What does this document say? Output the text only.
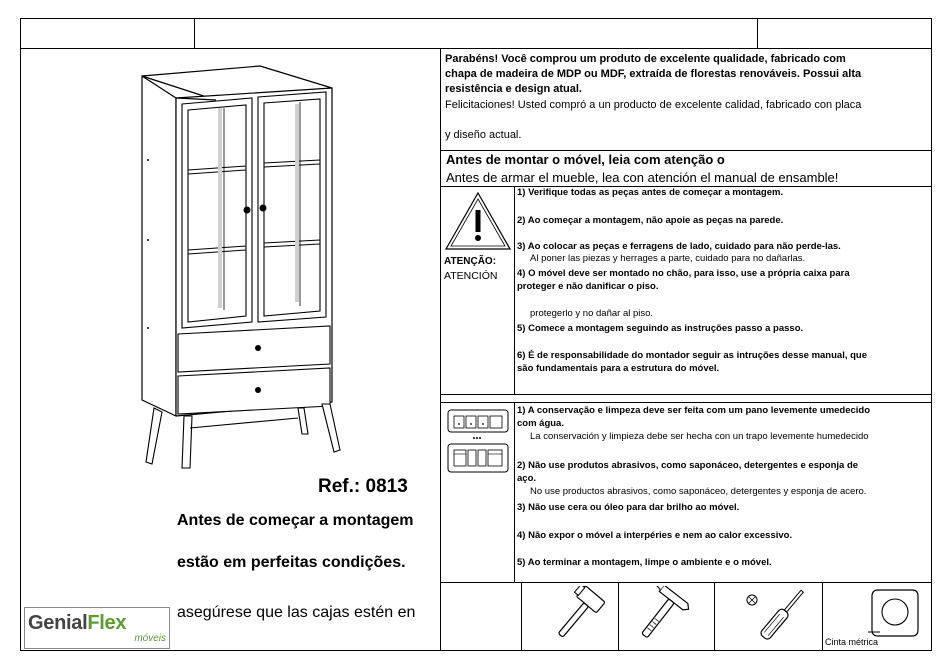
Parabéns! Você comprou um produto de excelente qualidade, fabricado com
chapa de madeira de MDP ou MDF, extraída de florestas renováveis. Possui alta
resistência e design atual.
Felicitaciones! Usted compró a un producto de excelente calidad, fabricado con placa
y diseño actual.
Antes de montar o móvel, leia com atenção o
Antes de armar el mueble, lea con atención el manual de ensamble!
ATENÇÃO:
ATENCIÓN
1) Verifique todas as peças antes de começar a montagem.
2) Ao começar a montagem, não apoie as peças na parede.
3) Ao colocar as peças e ferragens de lado, cuidado para não perde-las.
Al poner las piezas y herrages a parte, cuidado para no dañarlas.
4) O móvel deve ser montado no chão, para isso, use a própria caixa para
proteger e não danificar o piso.
protegerlo y no dañar al piso.
5) Comece a montagem seguindo as instruções passo a passo.
6) É de responsabilidade do montador seguir as intruções desse manual, que
são fundamentais para a estrutura do móvel.
1) A conservação e limpeza deve ser feita com um pano levemente umedecido
com água.
La conservación y limpieza debe ser hecha con un trapo levemente humedecido
2) Não use produtos abrasivos, como saponáceo, detergentes e esponja de
aço.
No use productos abrasivos, como saponáceo, detergentes y esponja de acero.
3) Não use cera ou óleo para dar brilho ao móvel.
4) Não expor o móvel a interpéries e nem ao calor excessivo.
5) Ao terminar a montagem, limpe o ambiente e o móvel.
Cinta métrica
Ref.: 0813
Antes de começar a montagem
estão em perfeitas condições.
asegúrese que las cajas estén en
GenialFlex
móveis
